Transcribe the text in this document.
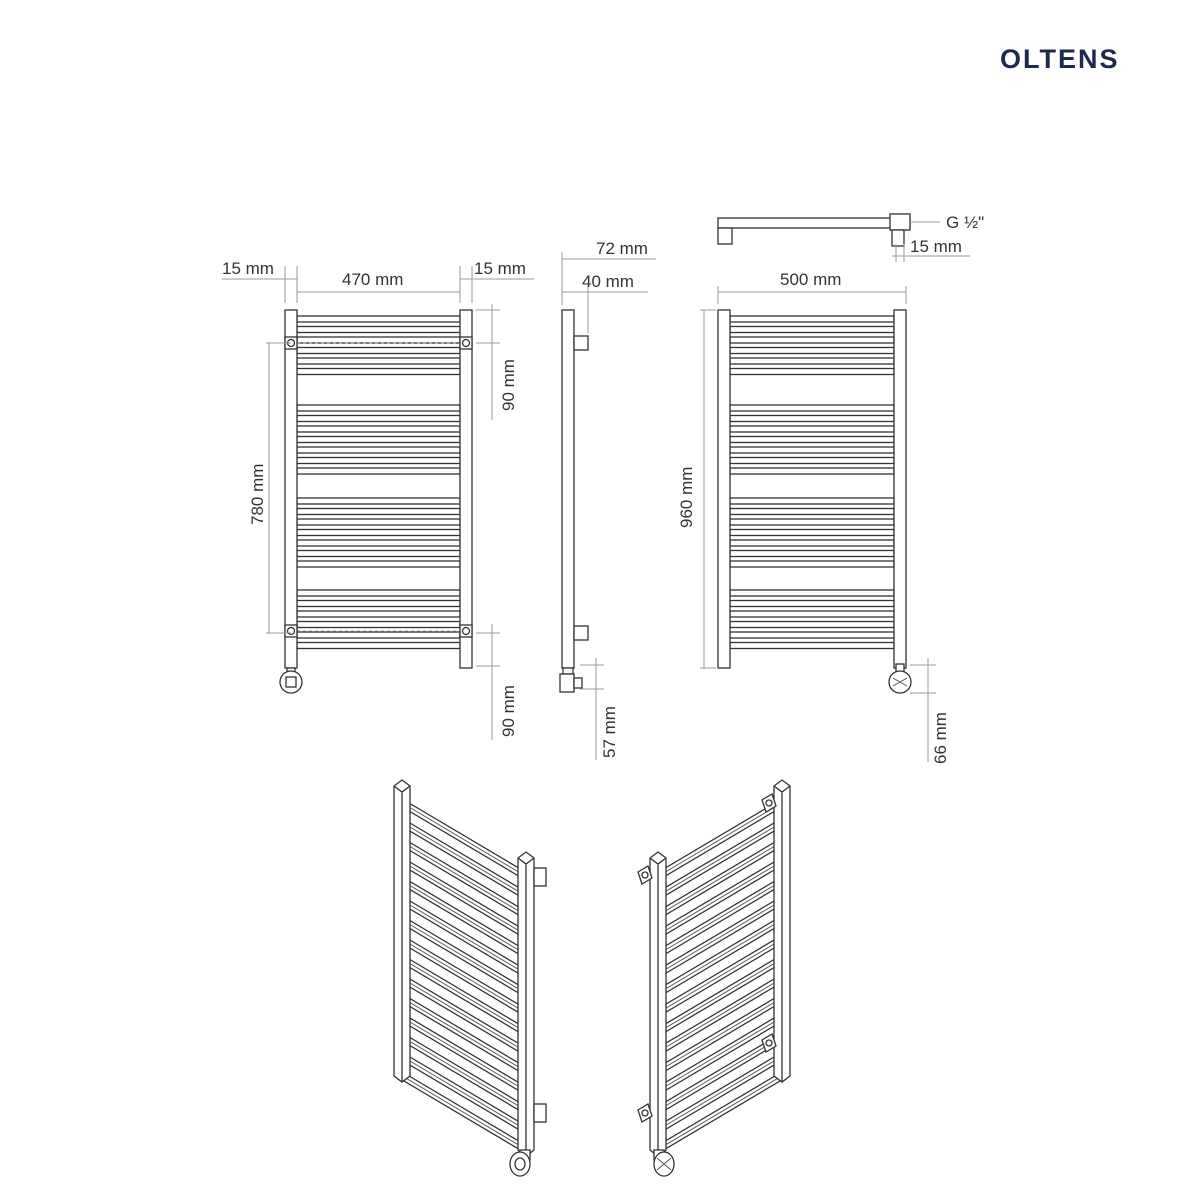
OLTENS
15 mm
470 mm
15 mm
90 mm
780 mm
90 mm
72 mm
40 mm
57 mm
G ½"
15 mm
500 mm
960 mm
66 mm
